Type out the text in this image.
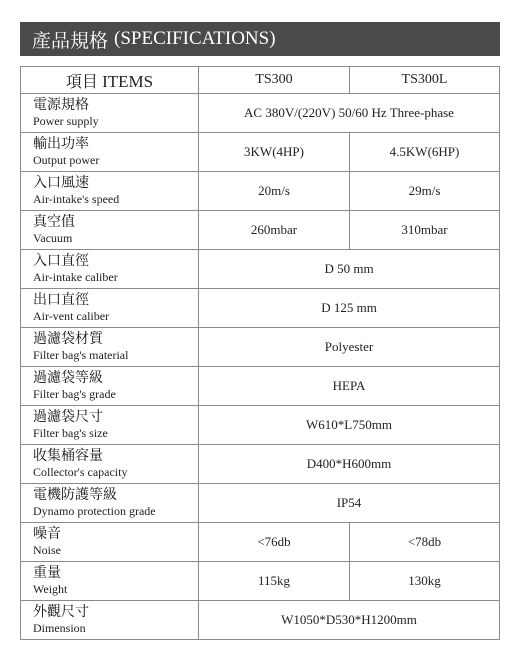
產品規格 (SPECIFICATIONS)
項目 ITEMS	TS300	TS300L

電源規格
Power supply	AC 380V/(220V) 50/60 Hz Three-phase	

輸出功率
Output power	3KW(4HP)	4.5KW(6HP)

入口風速
Air-intake's speed	20m/s	29m/s

真空值
Vacuum	260mbar	310mbar

入口直徑
Air-intake caliber	D 50 mm	

出口直徑
Air-vent caliber	D 125 mm	

過濾袋材質
Filter bag's material	Polyester	

過濾袋等級
Filter bag's grade	HEPA	

過濾袋尺寸
Filter bag's size	W610*L750mm	

收集桶容量
Collector's capacity	D400*H600mm	

電機防護等級
Dynamo protection grade	IP54	

噪音
Noise	<76db	<78db

重量
Weight	115kg	130kg

外觀尺寸
Dimension	W1050*D530*H1200mm	
